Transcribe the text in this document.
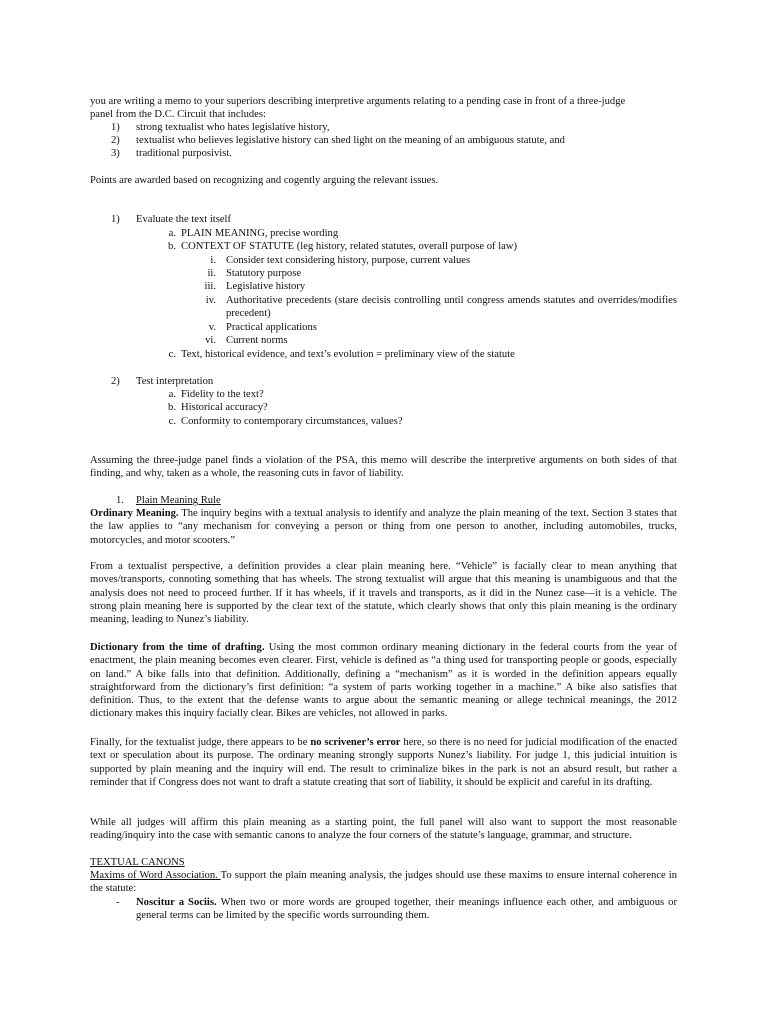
you are writing a memo to your superiors describing interpretive arguments relating to a pending case in front of a three-judge
panel from the D.C. Circuit that includes:

1)	strong textualist who hates legislative history,
2)	textualist who believes legislative history can shed light on the meaning of an ambiguous statute, and
3)	traditional purposivist.

Points are awarded based on recognizing and cogently arguing the relevant issues.

1)	Evaluate the text itself
a. PLAIN MEANING, precise wording
b. CONTEXT OF STATUTE (leg history, related statutes, overall purpose of law)
i. Consider text considering history, purpose, current values
ii. Statutory purpose
iii. Legislative history
iv. Authoritative precedents (stare decisis controlling until congress amends statutes and overrides/modifies precedent)
v. Practical applications
vi. Current norms
c. Text, historical evidence, and text’s evolution = preliminary view of the statute
2)	Test interpretation
a. Fidelity to the text?
b. Historical accuracy?
c. Conformity to contemporary circumstances, values?

Assuming the three-judge panel finds a violation of the PSA, this memo will describe the interpretive arguments on both sides of that finding, and why, taken as a whole, the reasoning cuts in favor of liability.

1. Plain Meaning Rule

Ordinary Meaning. The inquiry begins with a textual analysis to identify and analyze the plain meaning of the text. Section 3 states that the law applies to “any mechanism for conveying a person or thing from one person to another, including automobiles, trucks, motorcycles, and motor scooters.”

From a textualist perspective, a definition provides a clear plain meaning here. “Vehicle” is facially clear to mean anything that moves/transports, connoting something that has wheels. The strong textualist will argue that this meaning is unambiguous and that the analysis does not need to proceed further. If it has wheels, if it travels and transports, as it did in the Nunez case—it is a vehicle. The strong plain meaning here is supported by the clear text of the statute, which clearly shows that only this plain meaning is the ordinary meaning, leading to Nunez’s liability.

Dictionary from the time of drafting. Using the most common ordinary meaning dictionary in the federal courts from the year of enactment, the plain meaning becomes even clearer. First, vehicle is defined as “a thing used for transporting people or goods, especially on land.” A bike falls into that definition. Additionally, defining a “mechanism” as it is worded in the definition appears equally straightforward from the dictionary’s first definition: “a system of parts working together in a machine.” A bike also satisfies that definition. Thus, to the extent that the defense wants to argue about the semantic meaning or allege technical meanings, the 2012 dictionary makes this inquiry facially clear. Bikes are vehicles, not allowed in parks.

Finally, for the textualist judge, there appears to be no scrivener’s error here, so there is no need for judicial modification of the enacted text or speculation about its purpose. The ordinary meaning strongly supports Nunez’s liability. For judge 1, this judicial intuition is supported by plain meaning and the inquiry will end. The result to criminalize bikes in the park is not an absurd result, but rather a reminder that if Congress does not want to draft a statute creating that sort of liability, it should be explicit and careful in its drafting.

While all judges will affirm this plain meaning as a starting point, the full panel will also want to support the most reasonable reading/inquiry into the case with semantic canons to analyze the four corners of the statute’s language, grammar, and structure.

TEXTUAL CANONS

Maxims of Word Association. To support the plain meaning analysis, the judges should use these maxims to ensure internal coherence in the statute:

-	Noscitur a Sociis. When two or more words are grouped together, their meanings influence each other, and ambiguous or general terms can be limited by the specific words surrounding them.
